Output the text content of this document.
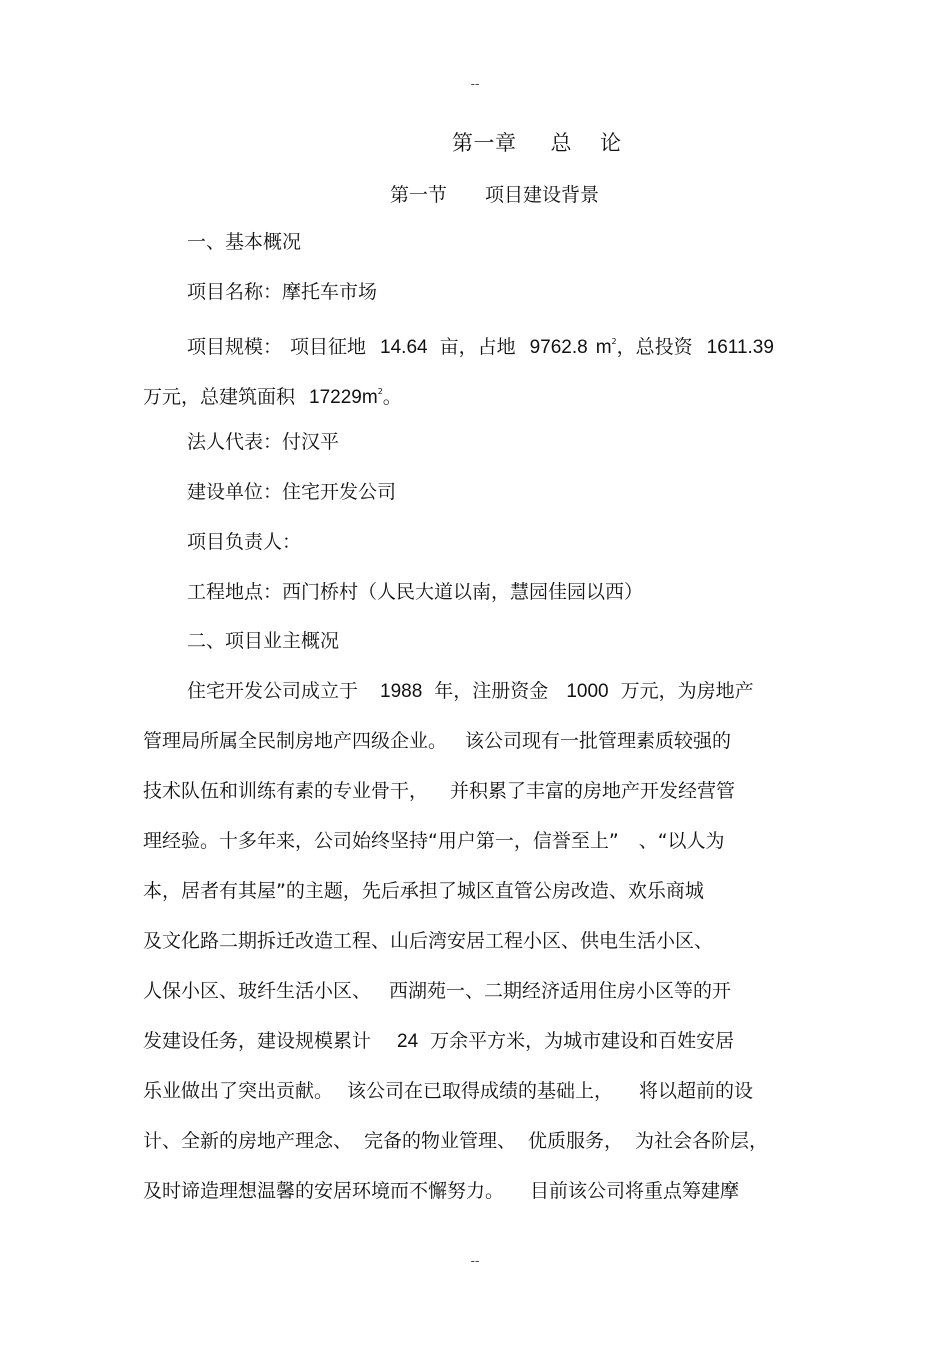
--
第一章 总 论
第一节 项目建设背景
一、基本概况
项目名称：摩托车市场
项目规模： 项目征地 14.64 亩，占地 9762.8 $m^2$，总投资 1611.39
万元，总建筑面积 $17229m^2$。
法人代表：付汉平
建设单位：住宅开发公司
项目负责人：
工程地点：西门桥村（人民大道以南，慧园佳园以西）
二、项目业主概况
住宅开发公司成立于 1988 年，注册资金 1000 万元，为房地产
管理局所属全民制房地产四级企业。 该公司现有一批管理素质较强的
技术队伍和训练有素的专业骨干， 并积累了丰富的房地产开发经营管
理经验。十多年来，公司始终坚持“用户第一，信誉至上” 、“以人为
本，居者有其屋”的主题，先后承担了城区直管公房改造、欢乐商城
及文化路二期拆迁改造工程、山后湾安居工程小区、供电生活小区、
人保小区、玻纤生活小区、 西湖苑一、二期经济适用住房小区等的开
发建设任务，建设规模累计 24 万余平方米，为城市建设和百姓安居
乐业做出了突出贡献。 该公司在已取得成绩的基础上， 将以超前的设
计、全新的房地产理念、 完备的物业管理、 优质服务， 为社会各阶层，
及时谛造理想温馨的安居环境而不懈努力。 目前该公司将重点筹建摩
--
